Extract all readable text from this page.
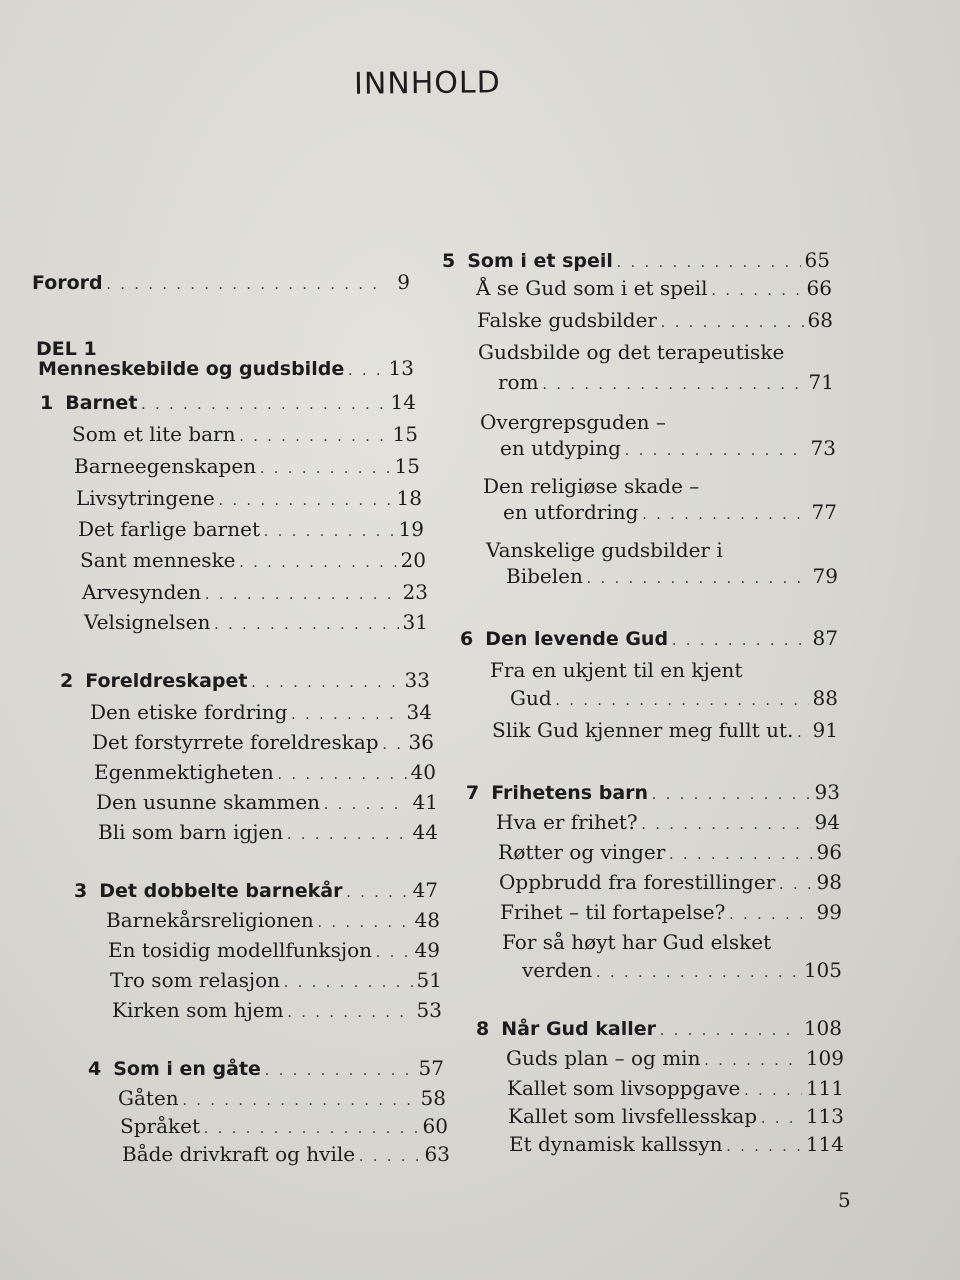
INNHOLD
Forord . . .	9
DEL 1
Menneskebilde og gudsbilde . . . 13
1 Barnet . . .	14
Som et lite barn . . .	15
Barneegenskapen . . .	15
Livsytringene . . .	18
Det farlige barnet . . .	19
Sant menneske . . .	20
Arvesynden . . .	23
Velsignelsen . . .	31
2 Foreldreskapet . . .	33
Den etiske fordring . . .	34
Det forstyrrete foreldreskap . . . 36
Egenmektigheten . . .	40
Den usunne skammen . . .	41
Bli som barn igjen . . .	44
3 Det dobbelte barnekår . . .	47
Barnekårsreligionen . . .	48
En tosidig modellfunksjon . . . 49
Tro som relasjon . . .	51
Kirken som hjem . . .	53
4 Som i en gåte . . .	57
Gåten . . .	58
Språket . . .	60
Både drivkraft og hvile . . .	63
5 Som i et speil . . .	65
Å se Gud som i et speil . . .	66
Falske gudsbilder . . .	68
Gudsbilde og det terapeutiske
rom . . .	71
Overgrepsguden –
en utdyping . . .	73
Den religiøse skade –
en utfordring . . .	77
Vanskelige gudsbilder i
Bibelen . . .	79
6 Den levende Gud . . .	87
Fra en ukjent til en kjent
Gud . . .	88
Slik Gud kjenner meg fullt ut. . . . 91
7 Frihetens barn . . .	93
Hva er frihet? . . .	94
Røtter og vinger . . .	96
Oppbrudd fra forestillinger . . . 98
Frihet – til fortapelse? . . .	99
For så høyt har Gud elsket
verden . . .	105
8 Når Gud kaller . . .	108
Guds plan – og min . . .	109
Kallet som livsoppgave . . .	111
Kallet som livsfellesskap . . . 113
Et dynamisk kallssyn . . .	114
5
